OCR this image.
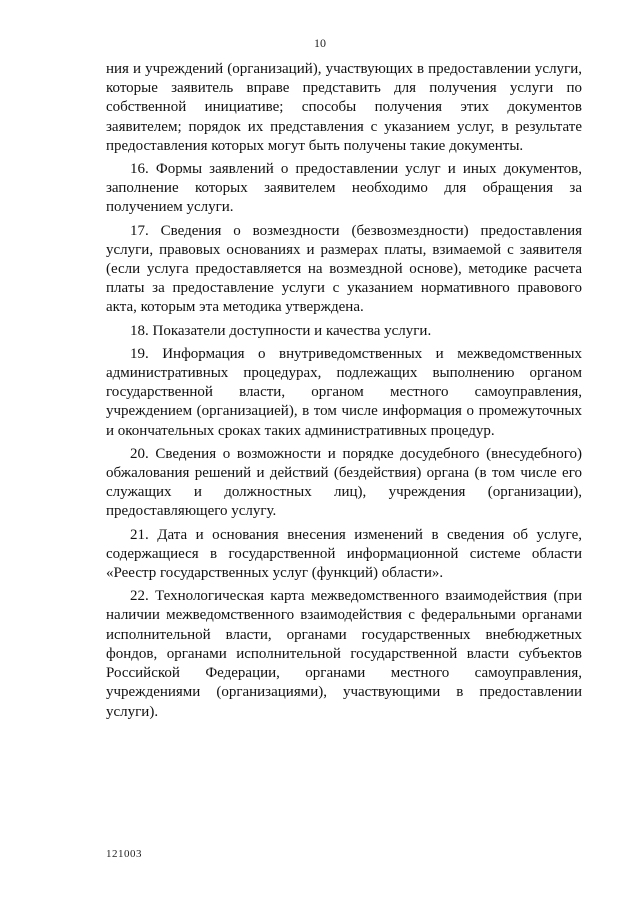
10

ния и учреждений (организаций), участвующих в предоставлении услуги, которые заявитель вправе представить для получения услуги по собственной инициативе; способы получения этих документов заявителем; порядок их представления с указанием услуг, в результате предоставления которых могут быть получены такие документы.

16. Формы заявлений о предоставлении услуг и иных документов, заполнение которых заявителем необходимо для обращения за получением услуги.

17. Сведения о возмездности (безвозмездности) предоставления услуги, правовых основаниях и размерах платы, взимаемой с заявителя (если услуга предоставляется на возмездной основе), методике расчета платы за предоставление услуги с указанием нормативного правового акта, которым эта методика утверждена.

18. Показатели доступности и качества услуги.

19. Информация о внутриведомственных и межведомственных административных процедурах, подлежащих выполнению органом государственной власти, органом местного самоуправления, учреждением (организацией), в том числе информация о промежуточных и окончательных сроках таких административных процедур.

20. Сведения о возможности и порядке досудебного (внесудебного) обжалования решений и действий (бездействия) органа (в том числе его служащих и должностных лиц), учреждения (организации), предоставляющего услугу.

21. Дата и основания внесения изменений в сведения об услуге, содержащиеся в государственной информационной системе области «Реестр государственных услуг (функций) области».

22. Технологическая карта межведомственного взаимодействия (при наличии межведомственного взаимодействия с федеральными органами исполнительной власти, органами государственных внебюджетных фондов, органами исполнительной государственной власти субъектов Российской Федерации, органами местного самоуправления, учреждениями (организациями), участвующими в предоставлении услуги).

121003
